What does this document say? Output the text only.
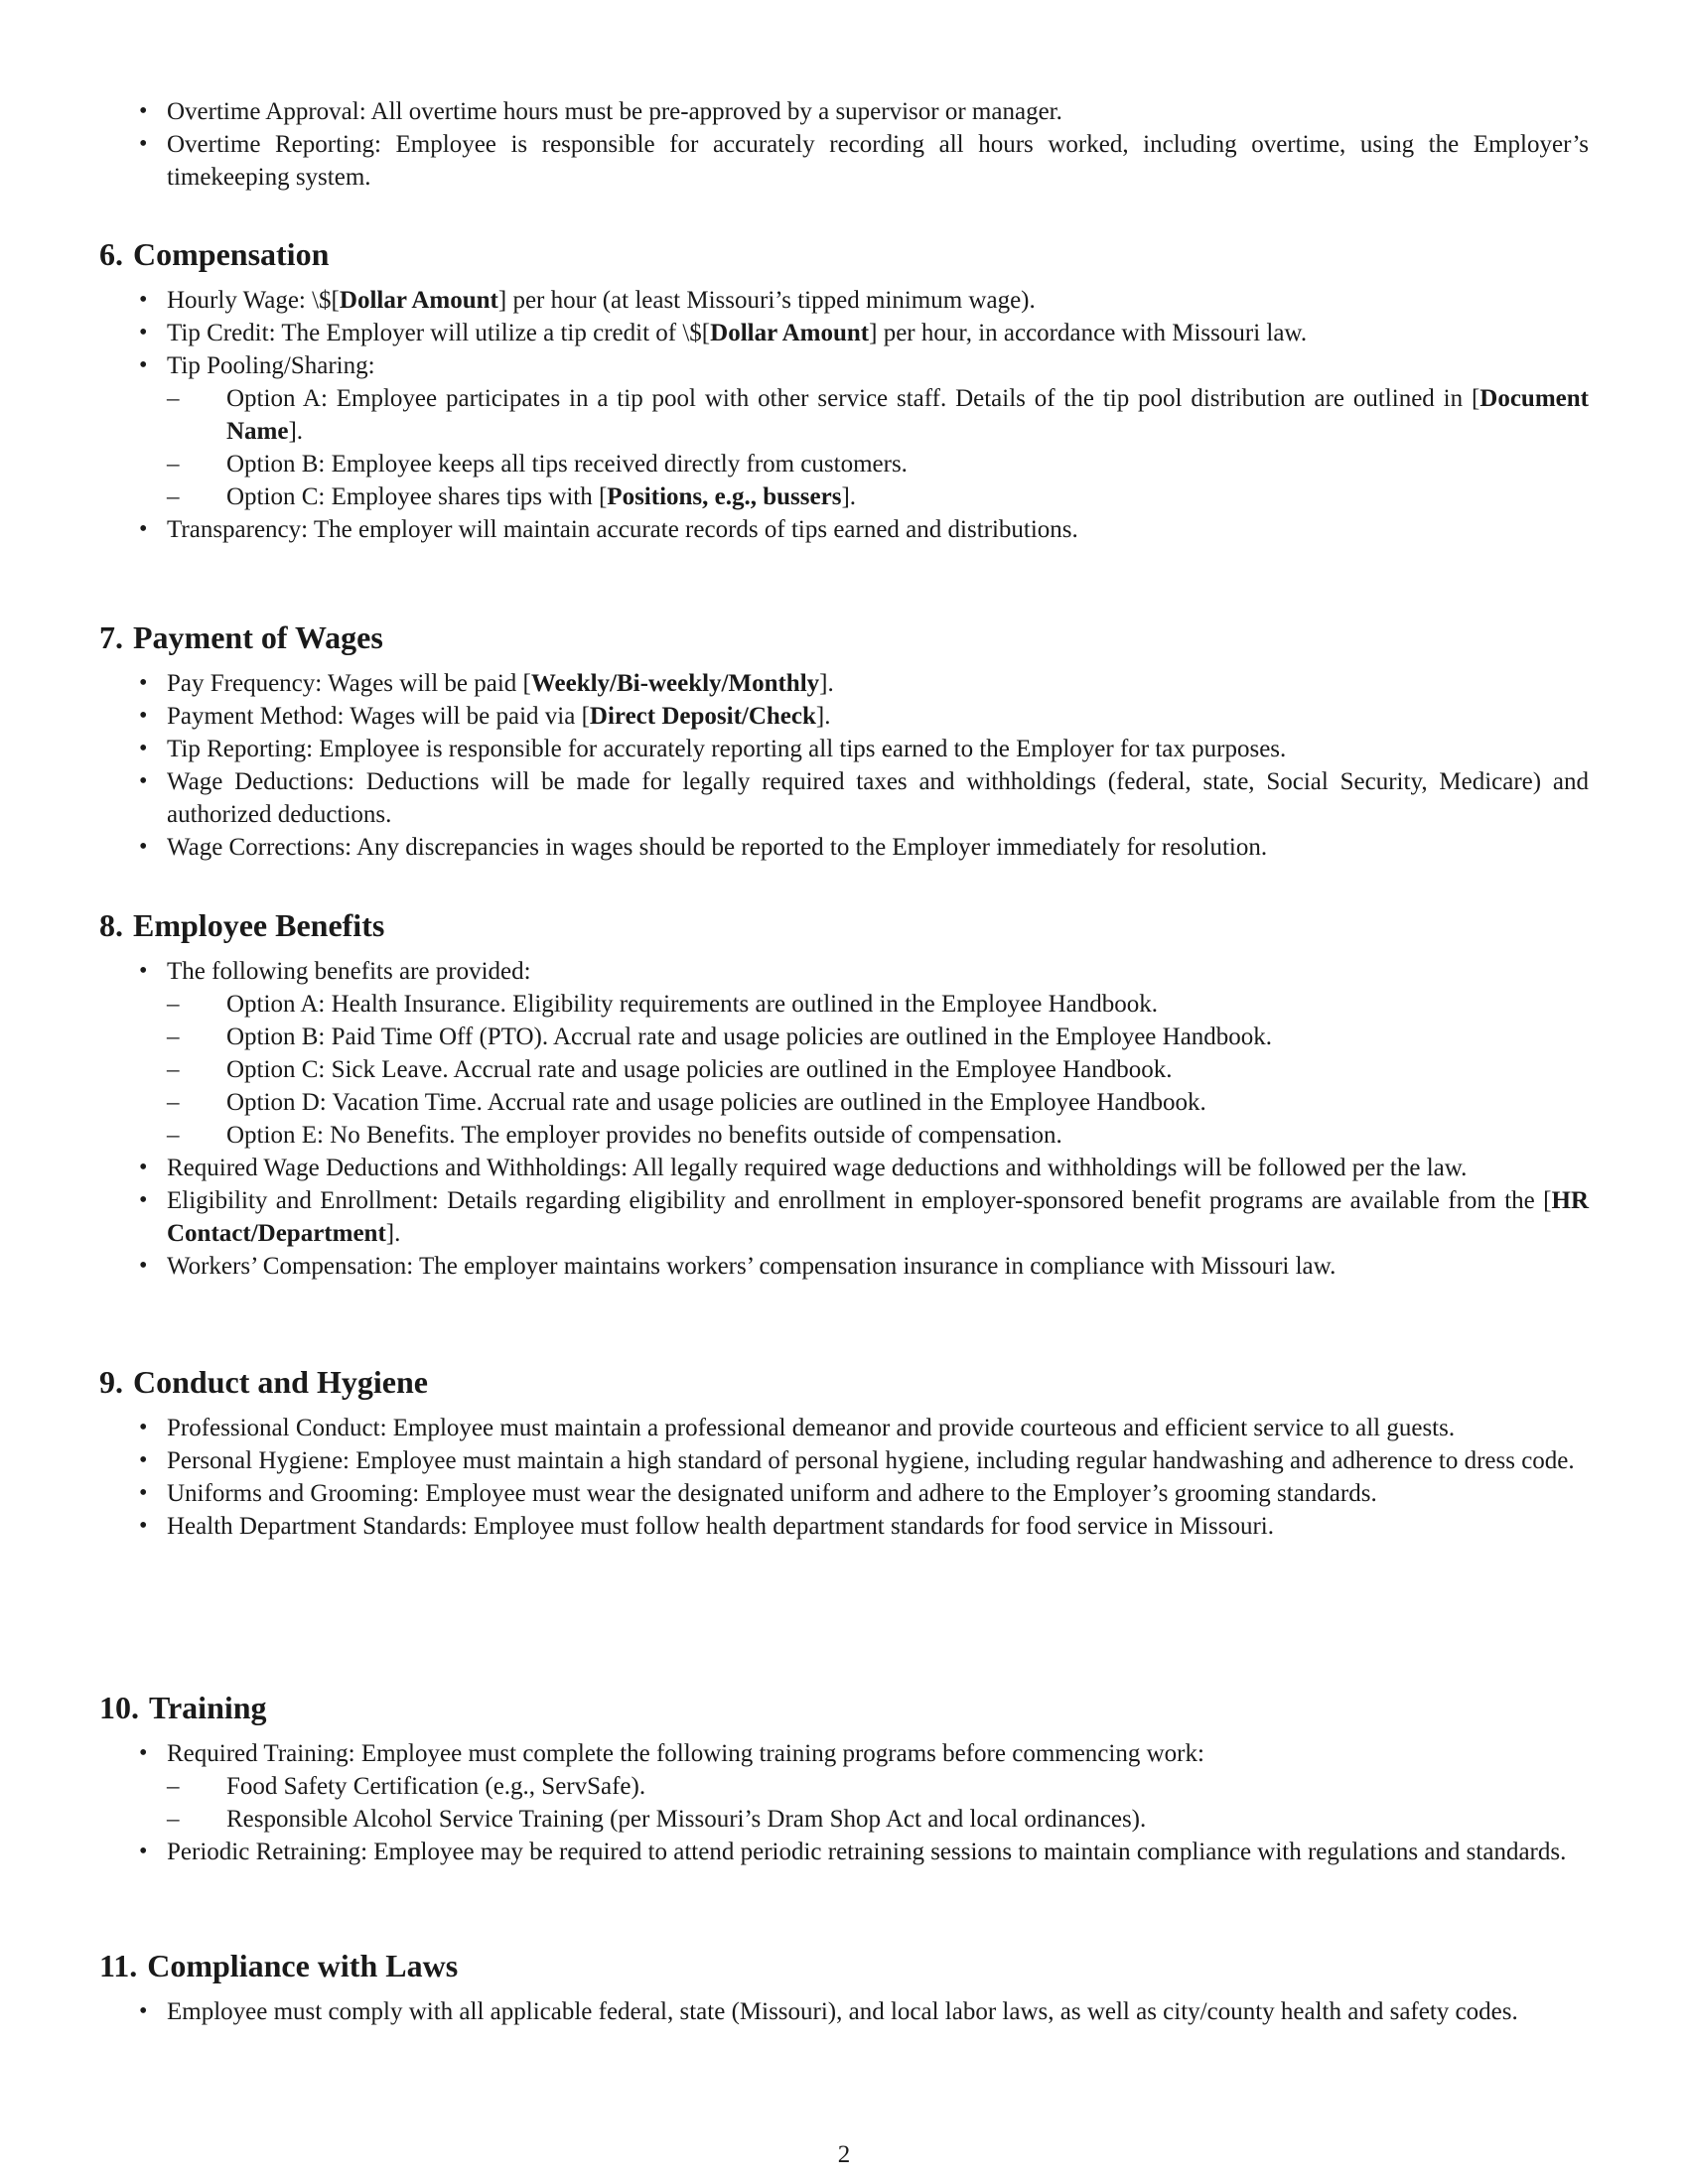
• Overtime Approval: All overtime hours must be pre-approved by a supervisor or manager.
• Overtime Reporting: Employee is responsible for accurately recording all hours worked, including overtime, using the Employer’s timekeeping system.
6. Compensation
• Hourly Wage: \$[Dollar Amount] per hour (at least Missouri’s tipped minimum wage).
• Tip Credit: The Employer will utilize a tip credit of \$[Dollar Amount] per hour, in accordance with Missouri law.
• Tip Pooling/Sharing:
– Option A: Employee participates in a tip pool with other service staff. Details of the tip pool distribution are outlined in [Document Name].
– Option B: Employee keeps all tips received directly from customers.
– Option C: Employee shares tips with [Positions, e.g., bussers].
• Transparency: The employer will maintain accurate records of tips earned and distributions.
7. Payment of Wages
• Pay Frequency: Wages will be paid [Weekly/Bi-weekly/Monthly].
• Payment Method: Wages will be paid via [Direct Deposit/Check].
• Tip Reporting: Employee is responsible for accurately reporting all tips earned to the Employer for tax purposes.
• Wage Deductions: Deductions will be made for legally required taxes and withholdings (federal, state, Social Security, Medicare) and authorized deductions.
• Wage Corrections: Any discrepancies in wages should be reported to the Employer immediately for resolution.
8. Employee Benefits
• The following benefits are provided:
– Option A: Health Insurance. Eligibility requirements are outlined in the Employee Handbook.
– Option B: Paid Time Off (PTO). Accrual rate and usage policies are outlined in the Employee Handbook.
– Option C: Sick Leave. Accrual rate and usage policies are outlined in the Employee Handbook.
– Option D: Vacation Time. Accrual rate and usage policies are outlined in the Employee Handbook.
– Option E: No Benefits. The employer provides no benefits outside of compensation.
• Required Wage Deductions and Withholdings: All legally required wage deductions and withholdings will be followed per the law.
• Eligibility and Enrollment: Details regarding eligibility and enrollment in employer-sponsored benefit programs are available from the [HR Contact/Department].
• Workers’ Compensation: The employer maintains workers’ compensation insurance in compliance with Missouri law.
9. Conduct and Hygiene
• Professional Conduct: Employee must maintain a professional demeanor and provide courteous and efficient service to all guests.
• Personal Hygiene: Employee must maintain a high standard of personal hygiene, including regular handwashing and adherence to dress code.
• Uniforms and Grooming: Employee must wear the designated uniform and adhere to the Employer’s grooming standards.
• Health Department Standards: Employee must follow health department standards for food service in Missouri.
10. Training
• Required Training: Employee must complete the following training programs before commencing work:
– Food Safety Certification (e.g., ServSafe).
– Responsible Alcohol Service Training (per Missouri’s Dram Shop Act and local ordinances).
• Periodic Retraining: Employee may be required to attend periodic retraining sessions to maintain compliance with regulations and standards.
11. Compliance with Laws
• Employee must comply with all applicable federal, state (Missouri), and local labor laws, as well as city/county health and safety codes.
2
